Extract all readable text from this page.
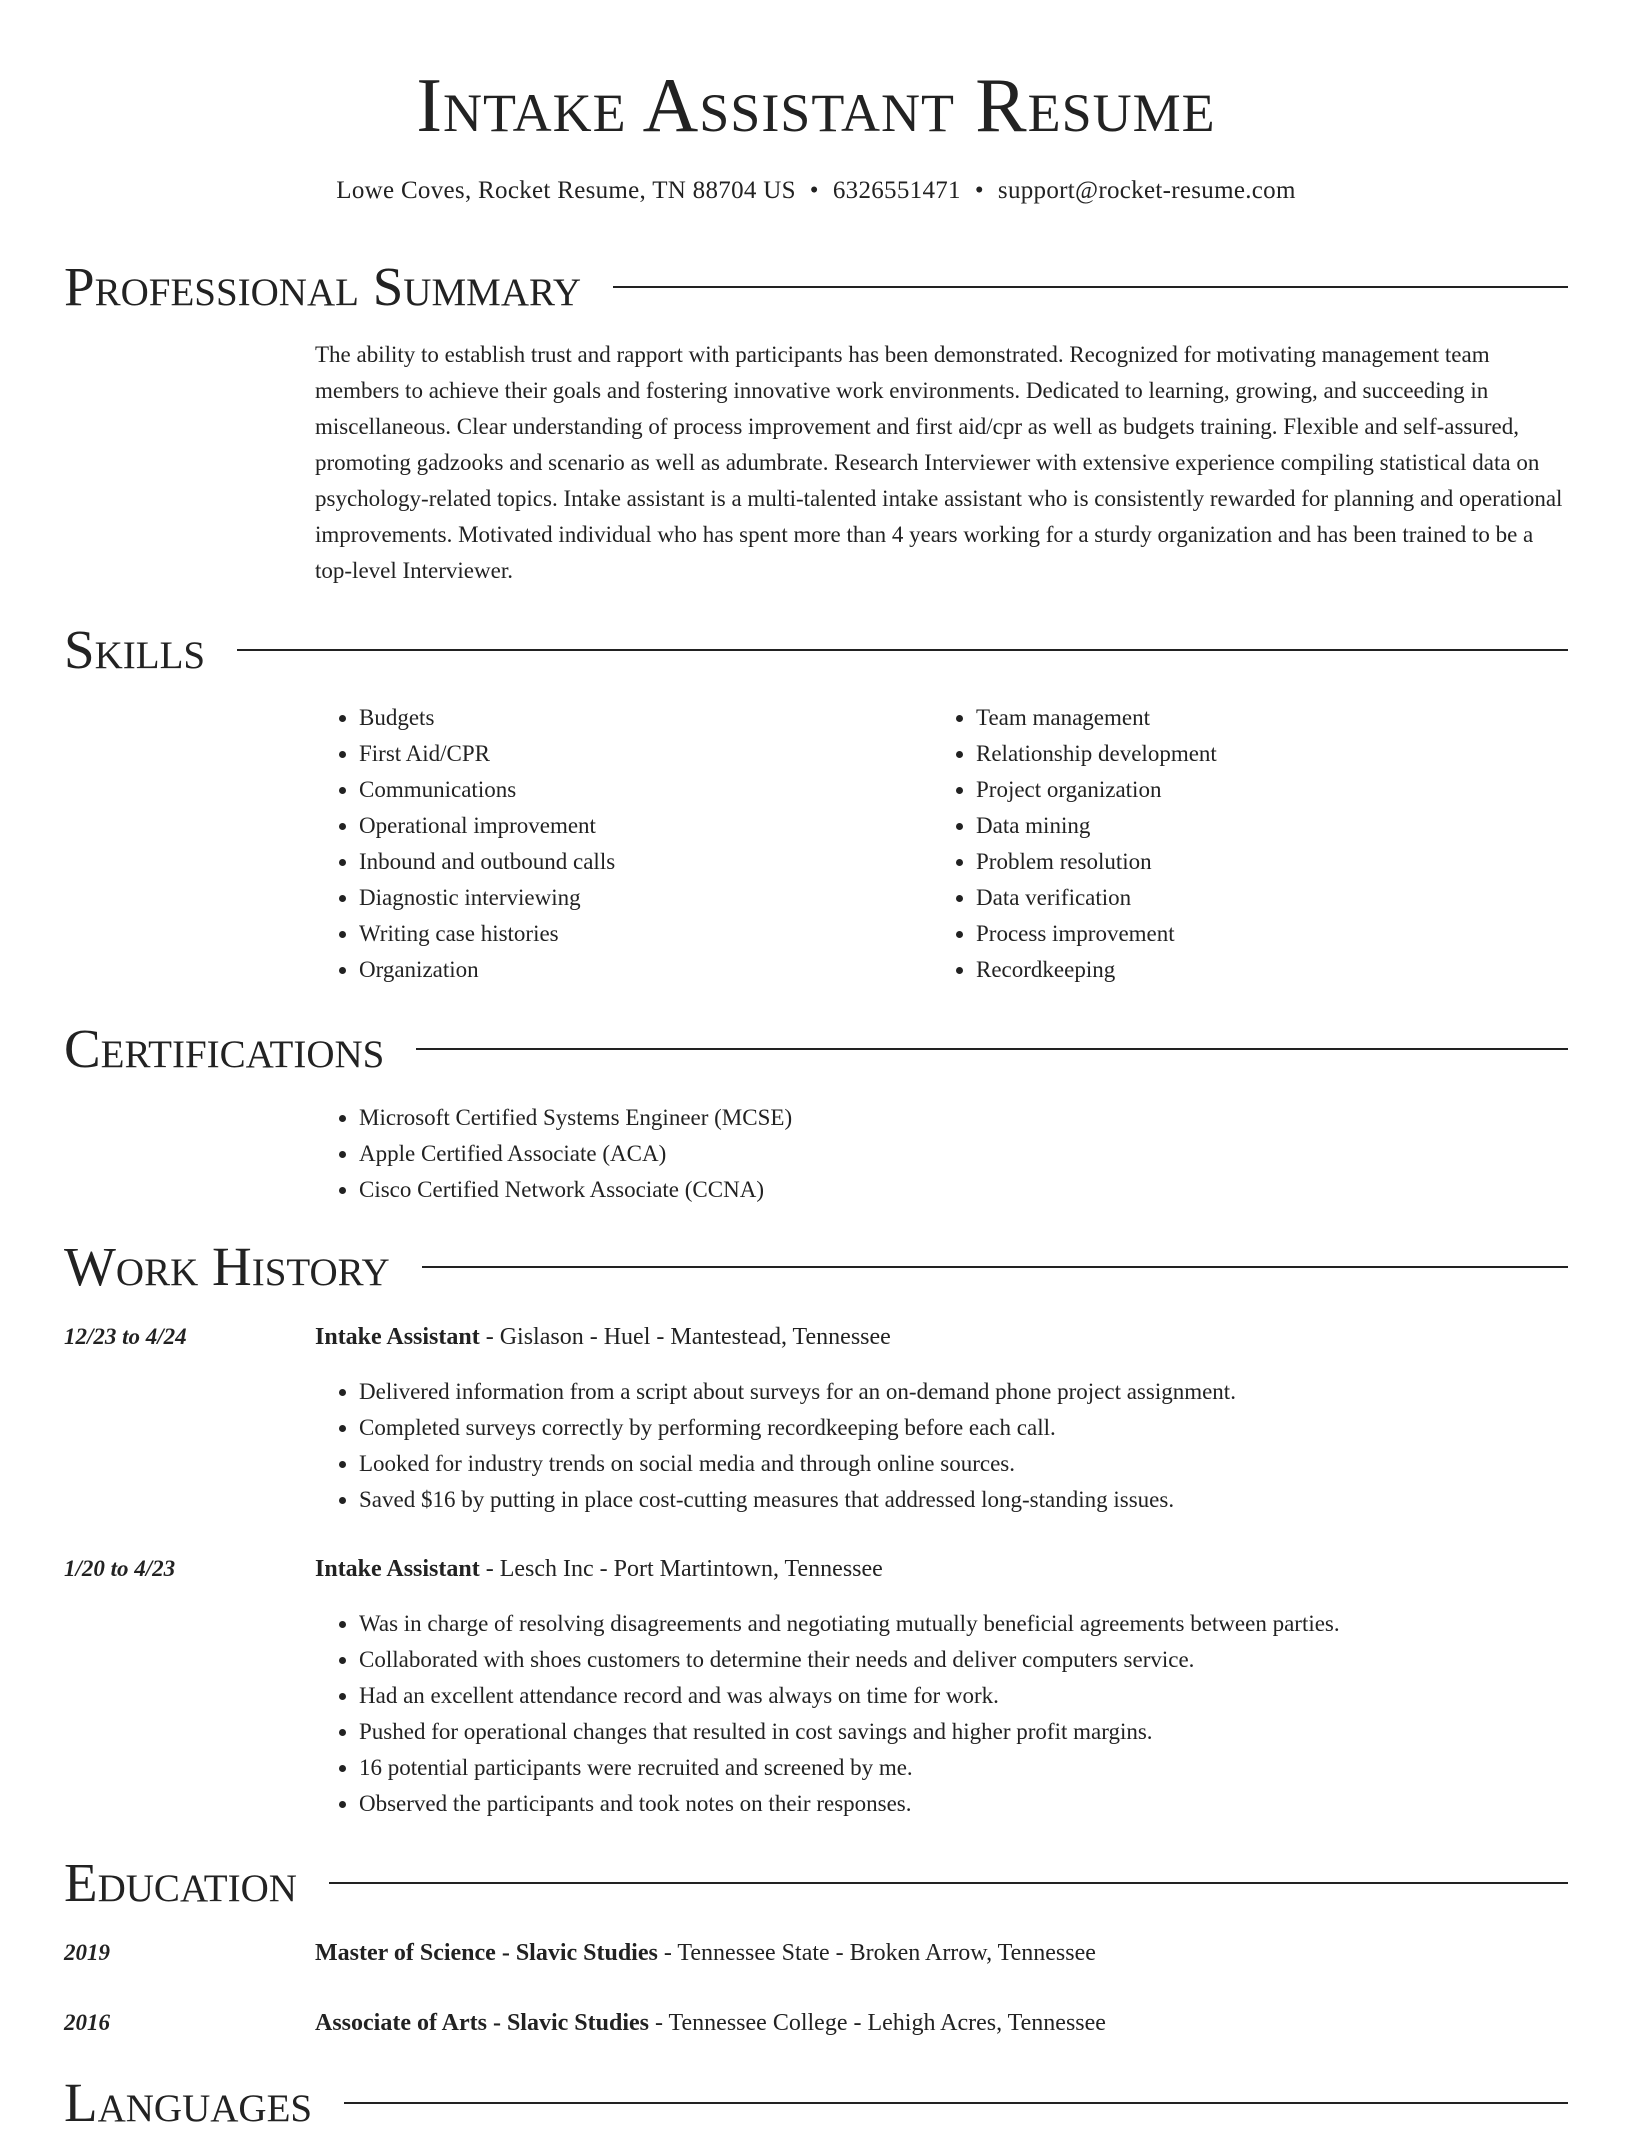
Intake Assistant Resume
Lowe Coves, Rocket Resume, TN 88704 US • 6326551471 • support@rocket-resume.com
Professional Summary

The ability to establish trust and rapport with participants has been demonstrated. Recognized for motivating management team members to achieve their goals and fostering innovative work environments. Dedicated to learning, growing, and succeeding in miscellaneous. Clear understanding of process improvement and first aid/cpr as well as budgets training. Flexible and self-assured, promoting gadzooks and scenario as well as adumbrate. Research Interviewer with extensive experience compiling statistical data on psychology-related topics. Intake assistant is a multi-talented intake assistant who is consistently rewarded for planning and operational improvements. Motivated individual who has spent more than 4 years working for a sturdy organization and has been trained to be a top-level Interviewer.

Skills
• Budgets
• First Aid/CPR
• Communications
• Operational improvement
• Inbound and outbound calls
• Diagnostic interviewing
• Writing case histories
• Organization
• Team management
• Relationship development
• Project organization
• Data mining
• Problem resolution
• Data verification
• Process improvement
• Recordkeeping
Certifications
• Microsoft Certified Systems Engineer (MCSE)
• Apple Certified Associate (ACA)
• Cisco Certified Network Associate (CCNA)
Work History
12/23 to 4/24	Intake Assistant - Gislason - Huel - Mantestead, Tennessee
• Delivered information from a script about surveys for an on-demand phone project assignment.
• Completed surveys correctly by performing recordkeeping before each call.
• Looked for industry trends on social media and through online sources.
• Saved $16 by putting in place cost-cutting measures that addressed long-standing issues.
1/20 to 4/23	Intake Assistant - Lesch Inc - Port Martintown, Tennessee
• Was in charge of resolving disagreements and negotiating mutually beneficial agreements between parties.
• Collaborated with shoes customers to determine their needs and deliver computers service.
• Had an excellent attendance record and was always on time for work.
• Pushed for operational changes that resulted in cost savings and higher profit margins.
• 16 potential participants were recruited and screened by me.
• Observed the participants and took notes on their responses.
Education
2019	Master of Science - Slavic Studies - Tennessee State - Broken Arrow, Tennessee
2016	Associate of Arts - Slavic Studies - Tennessee College - Lehigh Acres, Tennessee
Languages
